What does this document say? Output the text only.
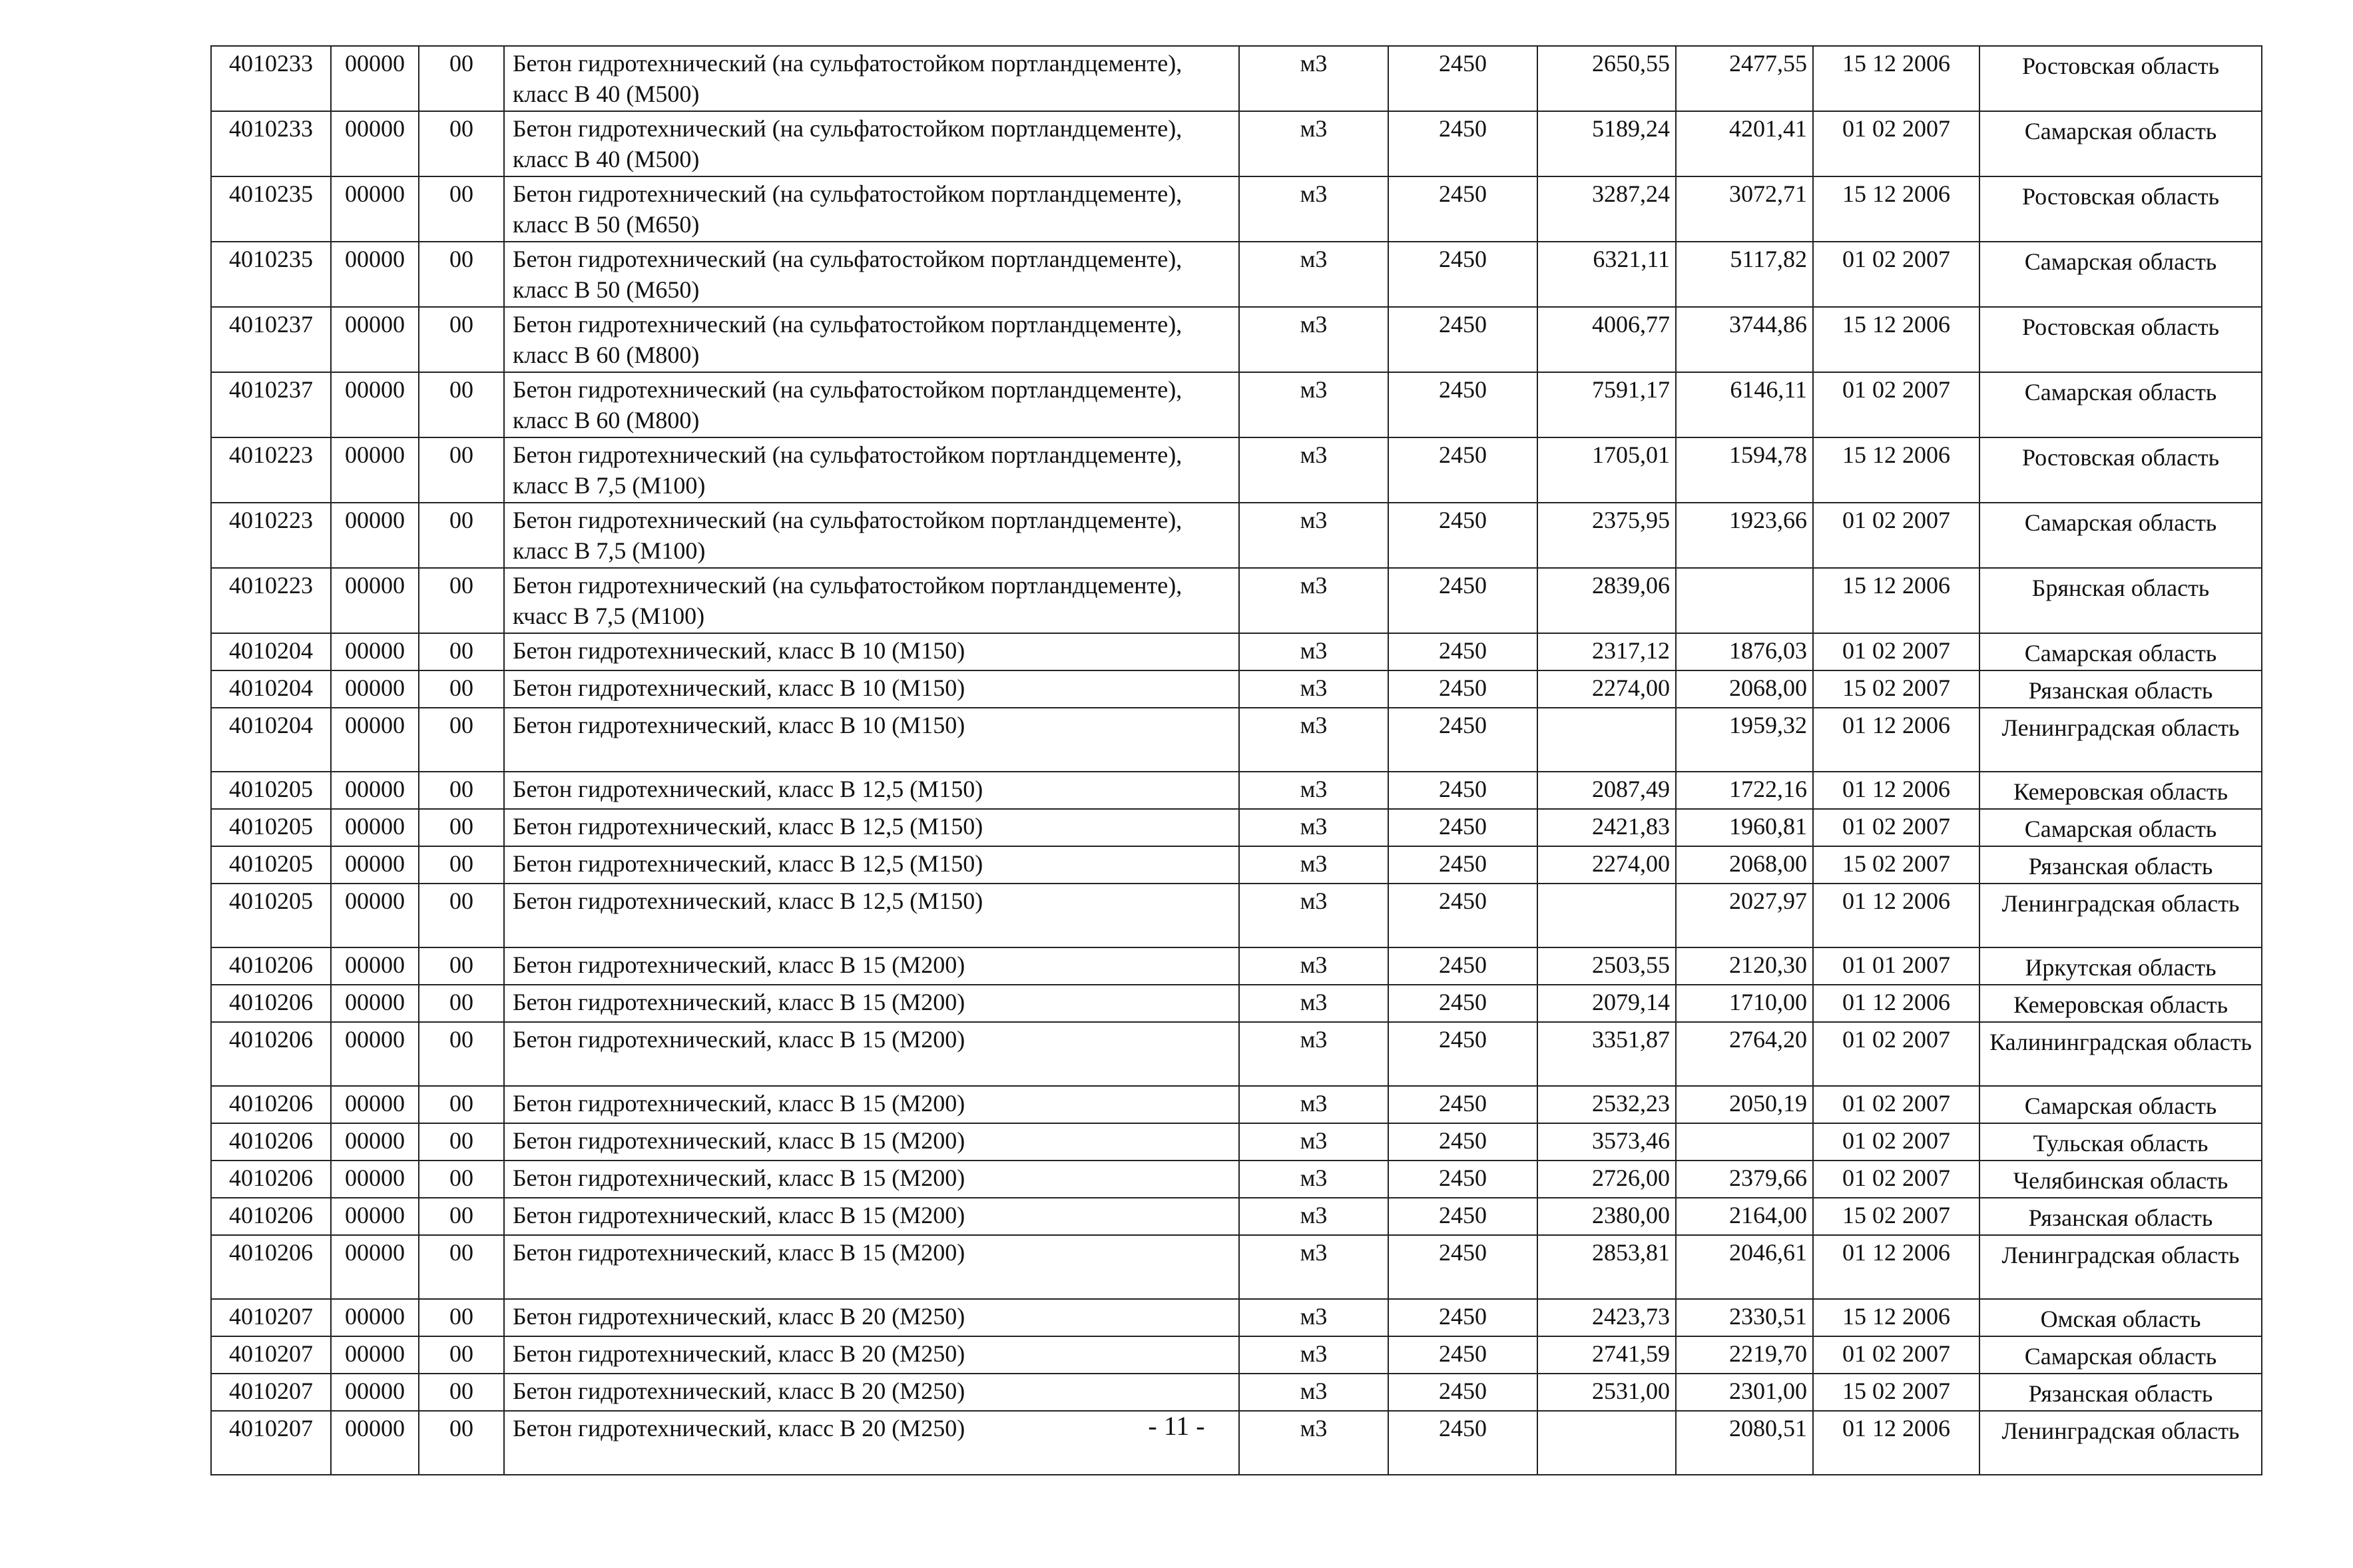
4010233	00000	00	Бетон гидротехнический (на сульфатостойком портландцементе), класс В 40 (М500)	м3	2450	2650,55	2477,55	15 12 2006	Ростовская область
4010233	00000	00	Бетон гидротехнический (на сульфатостойком портландцементе), класс В 40 (М500)	м3	2450	5189,24	4201,41	01 02 2007	Самарская область
4010235	00000	00	Бетон гидротехнический (на сульфатостойком портландцементе), класс В 50 (М650)	м3	2450	3287,24	3072,71	15 12 2006	Ростовская область
4010235	00000	00	Бетон гидротехнический (на сульфатостойком портландцементе), класс В 50 (М650)	м3	2450	6321,11	5117,82	01 02 2007	Самарская область
4010237	00000	00	Бетон гидротехнический (на сульфатостойком портландцементе), класс В 60 (М800)	м3	2450	4006,77	3744,86	15 12 2006	Ростовская область
4010237	00000	00	Бетон гидротехнический (на сульфатостойком портландцементе), класс В 60 (М800)	м3	2450	7591,17	6146,11	01 02 2007	Самарская область
4010223	00000	00	Бетон гидротехнический (на сульфатостойком портландцементе), класс В 7,5 (М100)	м3	2450	1705,01	1594,78	15 12 2006	Ростовская область
4010223	00000	00	Бетон гидротехнический (на сульфатостойком портландцементе), класс В 7,5 (М100)	м3	2450	2375,95	1923,66	01 02 2007	Самарская область
4010223	00000	00	Бетон гидротехнический (на сульфатостойком портландцементе), кчасс В 7,5 (М100)	м3	2450	2839,06		15 12 2006	Брянская область
4010204	00000	00	Бетон гидротехнический, класс В 10 (М150)	м3	2450	2317,12	1876,03	01 02 2007	Самарская область
4010204	00000	00	Бетон гидротехнический, класс В 10 (М150)	м3	2450	2274,00	2068,00	15 02 2007	Рязанская область
4010204	00000	00	Бетон гидротехнический, класс В 10 (М150)	м3	2450		1959,32	01 12 2006	Ленинградская область
4010205	00000	00	Бетон гидротехнический, класс В 12,5 (М150)	м3	2450	2087,49	1722,16	01 12 2006	Кемеровская область
4010205	00000	00	Бетон гидротехнический, класс В 12,5 (М150)	м3	2450	2421,83	1960,81	01 02 2007	Самарская область
4010205	00000	00	Бетон гидротехнический, класс В 12,5 (М150)	м3	2450	2274,00	2068,00	15 02 2007	Рязанская область
4010205	00000	00	Бетон гидротехнический, класс В 12,5 (М150)	м3	2450		2027,97	01 12 2006	Ленинградская область
4010206	00000	00	Бетон гидротехнический, класс В 15 (М200)	м3	2450	2503,55	2120,30	01 01 2007	Иркутская область
4010206	00000	00	Бетон гидротехнический, класс В 15 (М200)	м3	2450	2079,14	1710,00	01 12 2006	Кемеровская область
4010206	00000	00	Бетон гидротехнический, класс В 15 (М200)	м3	2450	3351,87	2764,20	01 02 2007	Калининградская область
4010206	00000	00	Бетон гидротехнический, класс В 15 (М200)	м3	2450	2532,23	2050,19	01 02 2007	Самарская область
4010206	00000	00	Бетон гидротехнический, класс В 15 (М200)	м3	2450	3573,46		01 02 2007	Тульская область
4010206	00000	00	Бетон гидротехнический, класс В 15 (М200)	м3	2450	2726,00	2379,66	01 02 2007	Челябинская область
4010206	00000	00	Бетон гидротехнический, класс В 15 (М200)	м3	2450	2380,00	2164,00	15 02 2007	Рязанская область
4010206	00000	00	Бетон гидротехнический, класс В 15 (М200)	м3	2450	2853,81	2046,61	01 12 2006	Ленинградская область
4010207	00000	00	Бетон гидротехнический, класс В 20 (М250)	м3	2450	2423,73	2330,51	15 12 2006	Омская область
4010207	00000	00	Бетон гидротехнический, класс В 20 (М250)	м3	2450	2741,59	2219,70	01 02 2007	Самарская область
4010207	00000	00	Бетон гидротехнический, класс В 20 (М250)	м3	2450	2531,00	2301,00	15 02 2007	Рязанская область
4010207	00000	00	Бетон гидротехнический, класс В 20 (М250)	м3	2450		2080,51	01 12 2006	Ленинградская область
- 11 -
